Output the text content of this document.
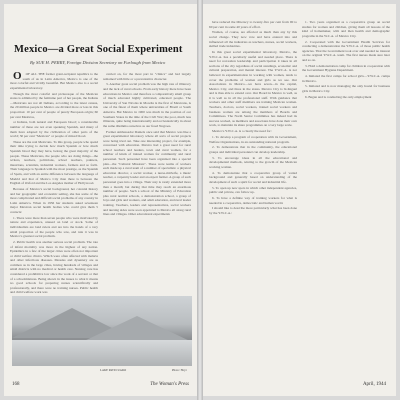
Mexico—a Great Social Experiment
By SUE H. PERRY, Foreign Division Secretary on Furlough from Mexico

O OF ALL THE former grant-recipient republics to the south of us in Latin America, Mexico is one of the most colorful and vividly beautiful. But Mexico also is a social experimental laboratory.

Though the most colorful and picturesque of the Mexican states is admitted by the feminine part of her people, the Indians—Mexicans are not all Indians, according to the latest census, the 20 million people in Mexico are divided more or less in this proportion: 10 per cent of people of purely European origin; 60 per cent Mestizos,

or Indians, both natural and European blood; a considerable number of these are not even speaking Spanish, and many of them have adapted by the civilization of other parts of the world; 30 per cent "Mexican" or people of mixed blood.

These are the real Mexicans. To this group, people who spend their time trying to decide how much Spanish or how much Spanish blood they may have, belong the great majority of the people. These Mexicans, the people who are doing things—the writers, teachers, politicians, school teachers, painters, musicians, scientists, industrial workers, farmers and so forth. Their language is Spanish with the most prestige, as the Spanish of Spain, and with an entire difference between the language of Madrid and that of Mexico City than there is between the English of Oxford and the Los Angeles mother of Hollywood.

Because of Mexico's social background, her colonial history and her geographic and economic setting, she has some of the most complicated and difficult social problems of any country in Latin America. When in 1936 her students asked seventeen major Mexican social health bodies who could give them 5 contacts:

1. There were more than seven people who were motivated by nature and experience, unused on land or stock. Some of individualists are land rulers and are into the hands of a very small proportion of the people who saw, and rule it was in Mexico's greatest social problem.

2. Public health was another serious social problem. The rate of infant mortality was more in the highest of any nation. Epidemics in a few of the larger cities were often not important or child welfare clinics. Which were often affected with malaria and other infectious diseases. Measles and dysentery are as common as in the large cities, having hundreds of villages and small districts with no medical or health care. Nursing care has considered a prohibitive low since the work of a servant or that of a schoolmistress. Being shown in the issues to what it means no good schools for preparing nurses scientifically and professionally, and there were no training nurses. Public health and child welfare work was

carried on, for the most part in "clinics" and bad largely remained with little or a preventative character.

3. Another great social problem was the high rate of illiteracy and the lack of rural schools. From early history there have been educations in Mexico and therefore a comparatively small group of much educated highly cultivated, educated people. The University of San Nicolas in Morelia is the first of Mexicans, is one of the finest of them where universities of Brazil or South America. But Mexico in 1900 was much in the position of our Southern States in the time of the Civil War; the poor, much less illiterate, quite being internationally and ecclesiastically in about the same dilemma ourselves as our freed Negroes.

Former Ambassador Daniels once said that Mexico was like a great experimental laboratory where all sorts of social projects were being tried out. Take one interesting project, for example, concerned with education. Mexico had a great need for rural school teachers and leaders, town and rural women, for a number of kinds of trained women for community and rural personnel. Such personnel have been organized into a special plan—the "Cultural Missions". These were teams of workers each made up a rural team of a number of specialists: a physical education director, a social worker, a nurse-midwife, a music teacher, a carpentry leader and an expert farmer. A group of such personnel goes into a village. Their stay is rarely extended more than a month; but during that time they reach an enormous number of people. Such a school of the Ministry of Education plus rural normal schools, a demonstration school, a group of boys and girls and workers, and adult education, and rural leader training. Teachers, leaders and representatives, social workers and nursing aides were soon appointed to Mexico all along rural lines and villages. Other educational experiments

LAKE PATZCUARO	Photo: Hoyt
168	The Woman's Press

have reduced the illiteracy to twenty-five per cent from 90 to 60 per cent in some 40 years of effort.

Women, of course, are affected as much than any by this social change. They now vote and have entered into and influenced all the industries as teachers, nurses, social workers, skilled trade industries.

In this great social experimental laboratory, Mexico, the Y.W.C.A. has a peculiarly useful and needed place. There is need for recreation leadership and participation it takes in all sections of the city regardless of social standings, economic and cultural preparation, and mental interest. The Y.W.C.A. is not believed in experimentation in working with women, tends to cover the problems of women and girls as we see. Our Associations in Mexico—we have seven—in the capital, Mexico City, and three in the states. Mexico City is bi-lingual and is thus able to extend over. Our Board in Mexico is well, as it is well as in all the professional staff. With guidance that workers and other staff members are training Mexican women. Teachers, doctors, social workers, trained social workers and business women are among the members of Boards and Committees. The North Senior Committee has indeed had its success worked, as members and associates have done their own work, to maintain its share programmes on a very large scale.

Mexico's Y.W.C.A. is a clearly the need for:

1. To develop a program of cooperation with its Government, Welfare Organizations, in an outstanding national program.

2. To demonstrate that in the community, the educational groups and individual personnel can develop leadership.

3. To encourage ideas in all the educational and developmental methods, relating to the growth of the Mexican working woman.

4. To demonstrate that a cooperative group of varied background and generally based on understanding of the development of such a spirit for social and industrial life.

5. To open up new spots in which other independent agencies, public and private, can follow up.

6. To have a definite way of training workers for what is needed in a cooperative, democratic and human world.

I should like to describe more particularly what has been done by the Y.W.C.A.:

1. Two years organized as a cooperative group on social studies for women and children, giving them all lessons of the kind of homemaker, with and then health and demographic programs in the W.C.A. of Mexico City.

2. Cooperated with the Government Health Services for conducting a demonstration the Y.W.C.A. of those public health agencies. That the Government took over and needed no interest on the original Y.W.C.A. team. The first nurses made sure later and so on.

3. Hold a demonstration camp for children in cooperation with the Government Hygiene Department.

4. Initiated the first camps for school girls—Y.W.C.A. camps in Mexico.

5. Initiated and is now managing the only hostel for business girls in Mexico City.

6. Began and is conducting the only employment

April, 1944
